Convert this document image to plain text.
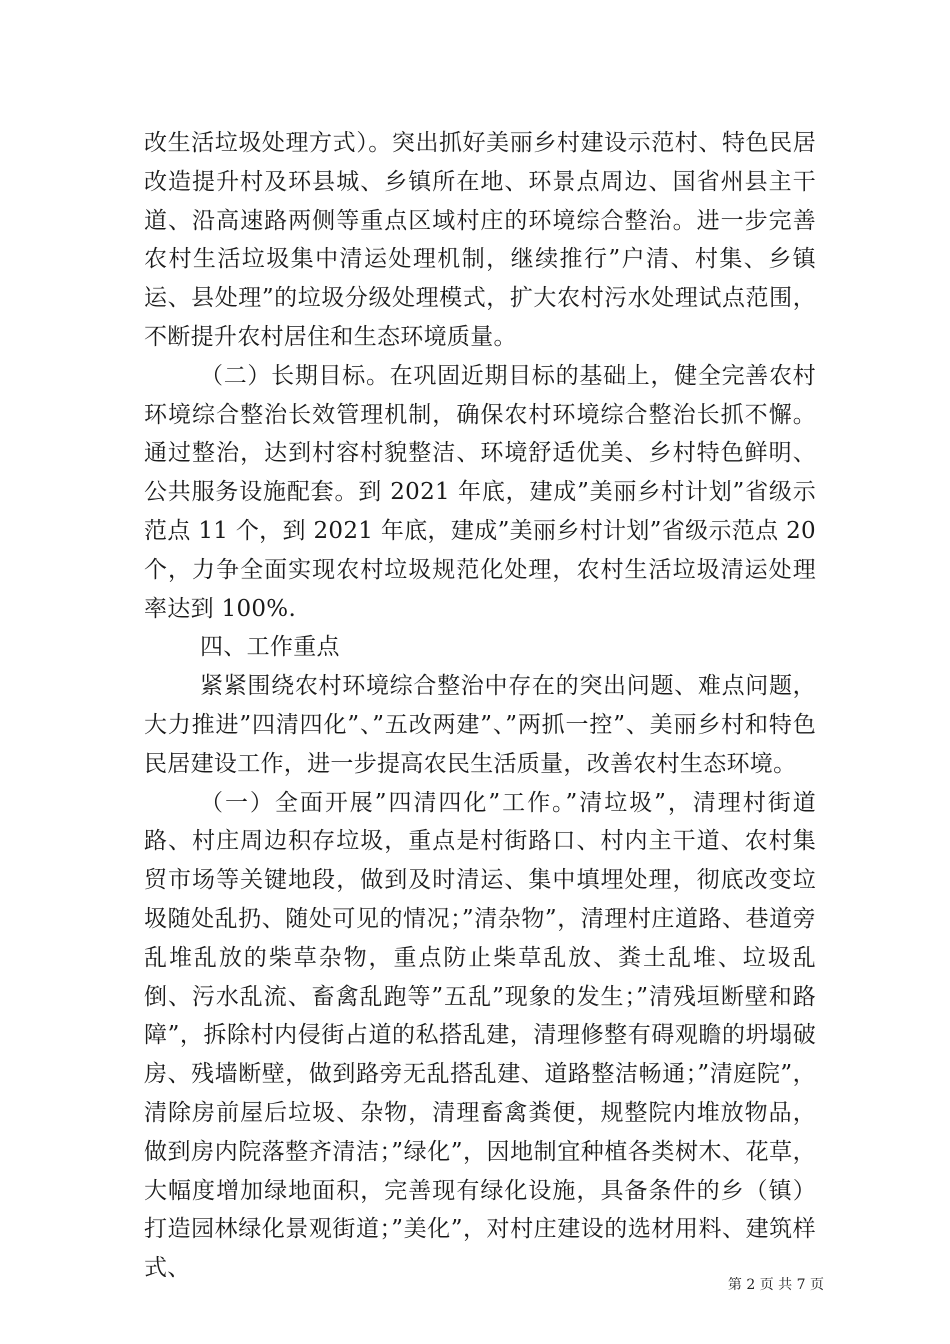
改生活垃圾处理方式）。突出抓好美丽乡村建设示范村、特色民居改造提升村及环县城、乡镇所在地、环景点周边、国省州县主干道、沿高速路两侧等重点区域村庄的环境综合整治。进一步完善农村生活垃圾集中清运处理机制，继续推行”户清、村集、乡镇运、县处理”的垃圾分级处理模式，扩大农村污水处理试点范围，不断提升农村居住和生态环境质量。

（二）长期目标。在巩固近期目标的基础上，健全完善农村环境综合整治长效管理机制，确保农村环境综合整治长抓不懈。通过整治，达到村容村貌整洁、环境舒适优美、乡村特色鲜明、公共服务设施配套。到 2021 年底，建成”美丽乡村计划”省级示范点 11 个，到 2021 年底，建成”美丽乡村计划”省级示范点 20 个，力争全面实现农村垃圾规范化处理，农村生活垃圾清运处理率达到 100%.

四、工作重点

紧紧围绕农村环境综合整治中存在的突出问题、难点问题，大力推进”四清四化”、”五改两建”、”两抓一控”、美丽乡村和特色民居建设工作，进一步提高农民生活质量，改善农村生态环境。

（一）全面开展”四清四化”工作。”清垃圾”，清理村街道路、村庄周边积存垃圾，重点是村街路口、村内主干道、农村集贸市场等关键地段，做到及时清运、集中填埋处理，彻底改变垃圾随处乱扔、随处可见的情况；”清杂物”，清理村庄道路、巷道旁乱堆乱放的柴草杂物，重点防止柴草乱放、粪土乱堆、垃圾乱倒、污水乱流、畜禽乱跑等”五乱”现象的发生；”清残垣断壁和路障”，拆除村内侵街占道的私搭乱建，清理修整有碍观瞻的坍塌破房、残墙断壁，做到路旁无乱搭乱建、道路整洁畅通；”清庭院”，清除房前屋后垃圾、杂物，清理畜禽粪便，规整院内堆放物品，做到房内院落整齐清洁；”绿化”，因地制宜种植各类树木、花草，大幅度增加绿地面积，完善现有绿化设施，具备条件的乡（镇）打造园林绿化景观街道；”美化”，对村庄建设的选材用料、建筑样式、

第 2 页 共 7 页
